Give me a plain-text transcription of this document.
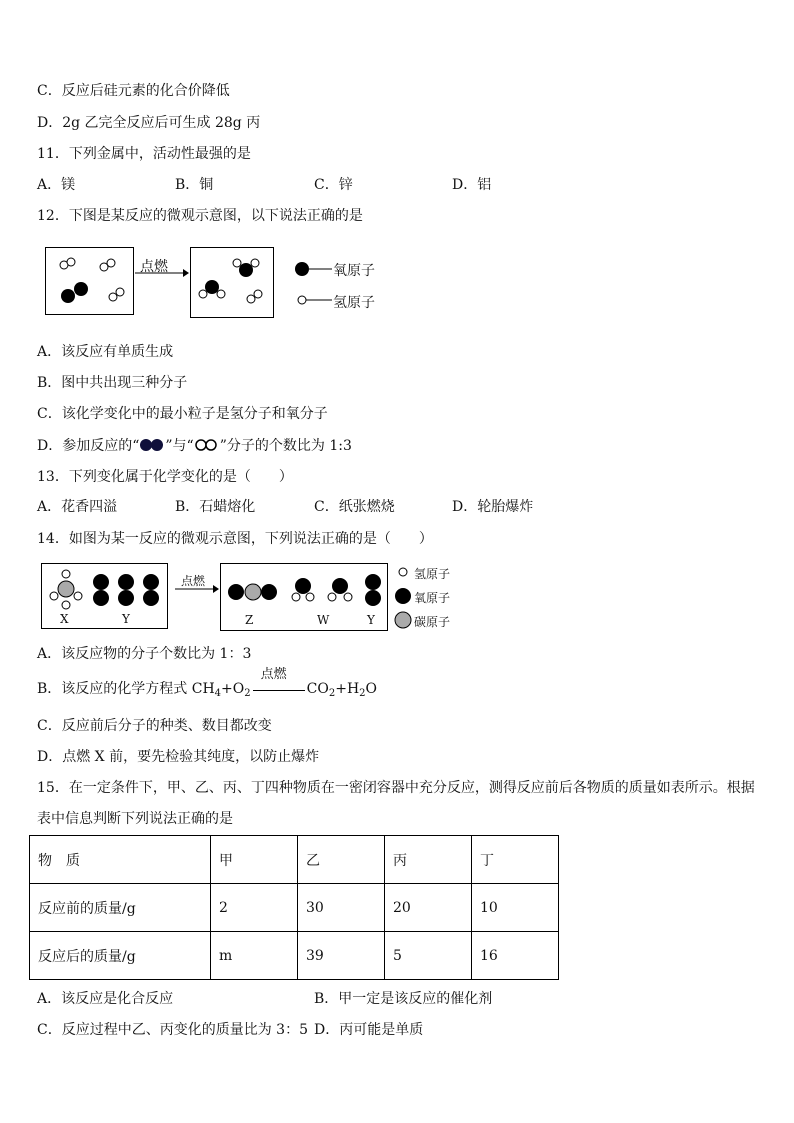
C．反应后硅元素的化合价降低
D．2g 乙完全反应后可生成 28g 丙
11．下列金属中，活动性最强的是
A．镁	B．铜	C．锌	D．铝
12．下图是某反应的微观示意图，以下说法正确的是
点燃	氧原子
氢原子
A．该反应有单质生成
B．图中共出现三种分子
C．该化学变化中的最小粒子是氢分子和氧分子
D．参加反应的“ ”与“ ”分子的个数比为 1:3
13．下列变化属于化学变化的是（　　）
A．花香四溢	B．石蜡熔化	C．纸张燃烧	D．轮胎爆炸
14．如图为某一反应的微观示意图，下列说法正确的是（　　）
X	Y
点燃
Z	W	Y
氢原子
氧原子
碳原子
A．该反应物的分子个数比为 1：3
B．该反应的化学方程式 $CH_4+O_2$
点燃
$CO_2+H_2O$
C．反应前后分子的种类、数目都改变
D．点燃 X 前，要先检验其纯度，以防止爆炸
15．在一定条件下，甲、乙、丙、丁四种物质在一密闭容器中充分反应，测得反应前后各物质的质量如表所示。根据
表中信息判断下列说法正确的是
物　质	甲	乙	丙	丁
反应前的质量/g	2	30	20	10
反应后的质量/g	m	39	5	16
A．该反应是化合反应	B．甲一定是该反应的催化剂
C．反应过程中乙、丙变化的质量比为 3：5 D．丙可能是单质
